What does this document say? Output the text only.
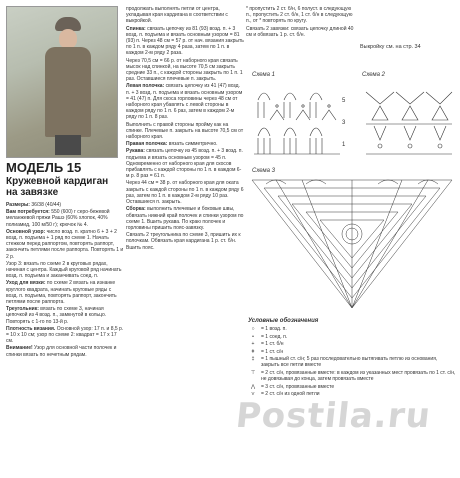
МОДЕЛЬ 15
Кружевной кардиган на завязке

Размеры: 36/38 (40/44)

Вам потребуется: 550 (600) г серо-бежевой меланжевой пряжи Рашэ (60% хлопок, 40% полиамид, 100 м/50 г); крючок № 4.

Основной узор: число возд. п. кратно 6 + 3 + 2 возд. п. подъема + 1 ряд по схеме 1. Начать стежком перед раппортом, повторять раппорт, закончить петлями после раппорта. Повторять 1 и 2 р.

Узор 3: вязать по схеме 2 в круговых рядах, начиная с центра. Каждый круговой ряд начинать возд. п. подъема и заканчивать соед. п.

Уход для вязки: по схеме 2 вязать на изнанке круглого квадрата, начинать круговые ряды с возд. п. подъема, повторять раппорт, закончить петлями после раппорта.

Треугольник: вязать по схеме 3, начиная цепочкой из 4 возд. п., замкнутой в кольцо. Повторять с 1-го по 13-й р.

Плотность вязания. Основной узор: 17 п. и 8,5 р. = 10 х 10 см; узор по схеме 2: квадрат = 17 х 17 см.

Внимание! Узор для основной части полочек и спинки вязать по нечетным рядам.

продолжать выполнять петли от центра, укладывая края кардигана в соответствии с выкройкой.

Спинка: связать цепочку из 81 (93) возд. п. + 3 возд. п. подъема и вязать основным узором = 81 (93) п. Через 48 см = 57 р. от нач. вязания закрыть по 1 п. в каждом ряду 4 раза, затем по 1 п. в каждом 2-м ряду 2 раза.

Через 70,5 см = 66 р. от наборного края связать мысок над спинкой, на высоте 70,5 см закрыть средние 33 п., с каждой стороны закрыть по 1 п. 1 раз. Оставшиеся плечевые п. закрыть.

Левая полочка: связать цепочку из 41 (47) возд. п. + 3 возд. п. подъема и вязать основным узором = 41 (47) п. Для скоса горловины через 48 см от наборного края убавлять с левой стороны в каждом ряду по 1 п. 6 раз, затем в каждом 2-м ряду по 1 п. 8 раз.

Выполнить с правой стороны пройму как на спинке. Плечевые п. закрыть на высоте 70,5 см от наборного края.

Правая полочка: вязать симметрично.

Рукава: связать цепочку из 45 возд. п. + 3 возд. п. подъема и вязать основным узором = 45 п. Одновременно от наборного края для скосов прибавлять с каждой стороны по 1 п. в каждом 6-м р. 8 раз = 61 п.

Через 44 см = 38 р. от наборного края для окатa закрыть с каждой стороны по 1 п. в каждом ряду 6 раз, затем по 1 п. в каждом 2-м ряду 10 раз. Оставшиеся п. закрыть.

Сборка: выполнить плечевые и боковые швы, обвязать нижний край полочек и спинки узором по схеме 1. Вшить рукава. По краю полочек и горловины пришить пояс-завязку.

Связать 2 треугольника по схеме 3, пришить их к полочкам. Обвязать края кардигана 1 р. ст. б/н. Вшить пояс.

* пропустить 2 ст. б/н, 6 полуст. в следующую п., пропустить 2 ст. б/н, 1 ст. б/н в следующую п., от * повторять по кругу.

Связать 2 завязки: связать цепочку длиной 40 см и обвязать 1 р. ст. б/н.

Выкройку см. на стр. 34
Схема 1	Схема 2
Схема 3
5
3
1
Условные обозначения
○	= 1 возд. п.
•	= 1 соед. п.
+	= 1 ст. б/н
ǂ	= 1 ст. с/н
‡	= 1 пышный ст. с/н; 5 раз последовательно вытягивать петлю из основания, закрыть все петли вместе
⊤	= 2 ст. с/н, провязанные вместе: в каждом из указанных мест провязать по 1 ст. с/н, не довязывая до конца, затем провязать вместе
⋀	= 3 ст. с/н, провязанные вместе
⋎	= 2 ст. с/н из одной петли
Postila.ru
